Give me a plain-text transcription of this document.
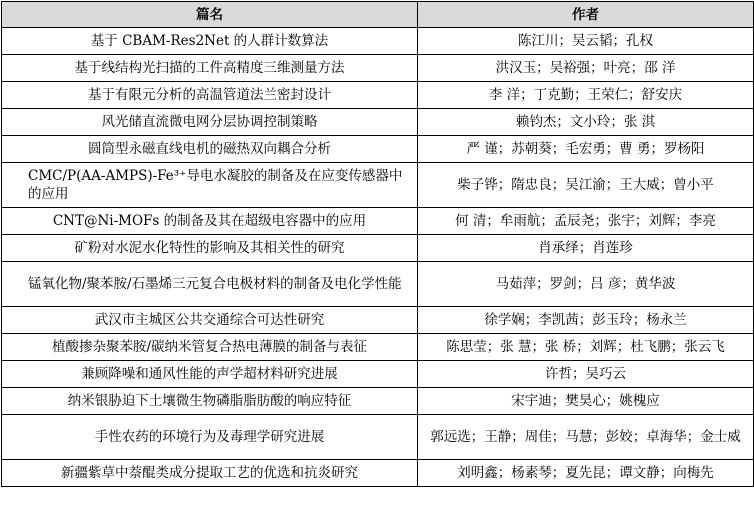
篇名	作者
基于 CBAM-Res2Net 的人群计数算法	陈江川；吴云韬；孔权
基于线结构光扫描的工件高精度三维测量方法	洪汉玉；吴裕强；叶亮；邵 洋
基于有限元分析的高温管道法兰密封设计	李 洋；丁克勤；王荣仁；舒安庆
风光储直流微电网分层协调控制策略	赖钧杰；文小玲；张 淇
圆筒型永磁直线电机的磁热双向耦合分析	严 谨；苏朝葵；毛宏勇；曹 勇；罗杨阳

CMC/P(AA-AMPS)-Fe³⁺导电水凝胶的制备及在应变传感器中的应用	柴子铧；隋忠良；吴江渝；王大威；曾小平
CNT@Ni-MOFs 的制备及其在超级电容器中的应用	何 清；牟雨航；孟辰尧；张宇；刘辉；李亮
矿粉对水泥水化特性的影响及其相关性的研究	肖承绎；肖莲珍

锰氧化物/聚苯胺/石墨烯三元复合电极材料的制备及电化学性能	马茹萍；罗剑；吕 彦；黄华波
武汉市主城区公共交通综合可达性研究	徐学娴；李凯茜；彭玉玲；杨永兰
植酸掺杂聚苯胺/碳纳米管复合热电薄膜的制备与表征	陈思莹；张 慧；张 桥；刘辉；杜飞鹏；张云飞
兼顾降噪和通风性能的声学超材料研究进展	许哲；吴巧云
纳米银胁迫下土壤微生物磷脂脂肪酸的响应特征	宋宇迪；樊昊心；姚槐应
手性农药的环境行为及毒理学研究进展	郭远选；王静；周佳；马慧；彭姣；卓海华；金士威
新疆紫草中萘醌类成分提取工艺的优选和抗炎研究	刘明鑫；杨素琴；夏先昆；谭文静；向梅先
